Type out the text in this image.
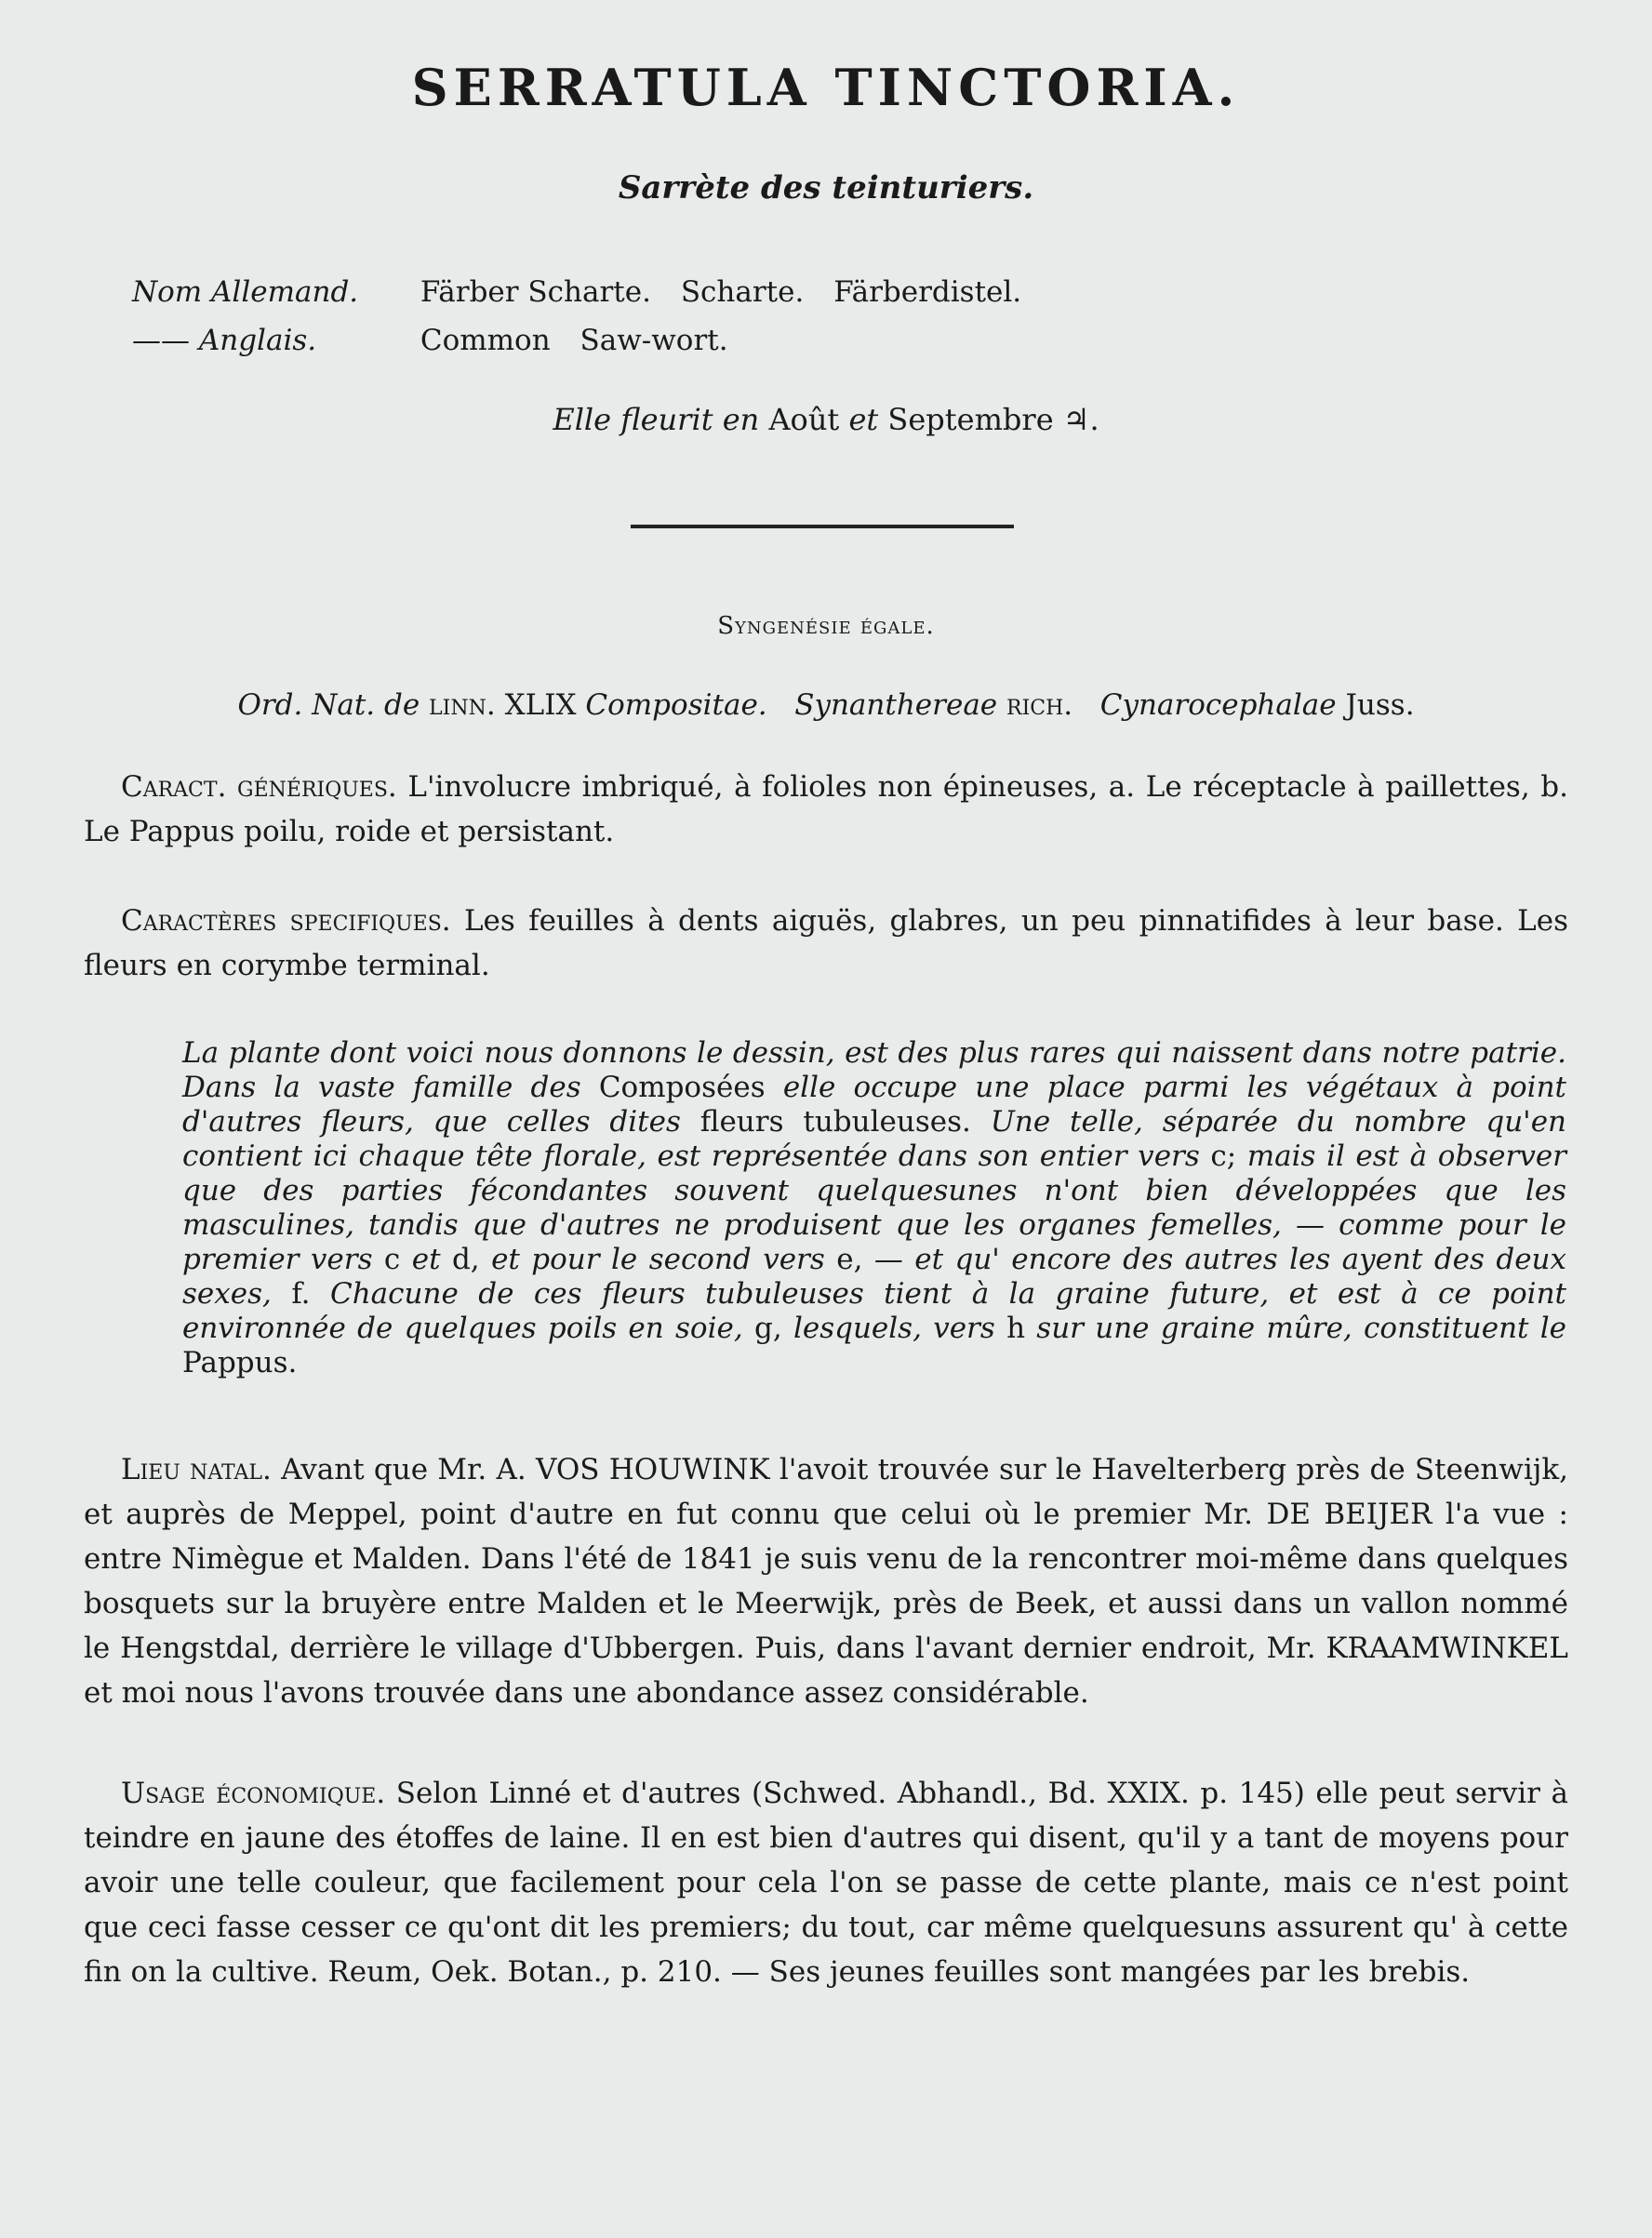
SERRATULA TINCTORIA.
Sarrète des teinturiers.
Nom Allemand. Färber Scharte. Scharte. Färberdistel.
—— Anglais.	Common Saw-wort.
Elle fleurit en Août et Septembre ♃.
Syngenésie égale.
Ord. Nat. de linn. XLIX Compositae. Synanthereae rich. Cynarocephalae Juss.
Caract. génériques. L'involucre imbriqué, à folioles non épineuses, a. Le réceptacle à paillettes, b. Le Pappus poilu, roide et persistant.
Caractères specifiques. Les feuilles à dents aiguës, glabres, un peu pinnatifides à leur base. Les fleurs en corymbe terminal.
La plante dont voici nous donnons le dessin, est des plus rares qui naissent dans notre patrie. Dans la vaste famille des Composées elle occupe une place parmi les végétaux à point d'autres fleurs, que celles dites fleurs tubuleuses. Une telle, séparée du nombre qu'en contient ici chaque tête florale, est représentée dans son entier vers c; mais il est à observer que des parties fécondantes souvent quelquesunes n'ont bien développées que les masculines, tandis que d'autres ne produisent que les organes femelles, — comme pour le premier vers c et d, et pour le second vers e, — et qu' encore des autres les ayent des deux sexes, f. Chacune de ces fleurs tubuleuses tient à la graine future, et est à ce point environnée de quelques poils en soie, g, lesquels, vers h sur une graine mûre, constituent le Pappus.
Lieu natal. Avant que Mr. A. VOS HOUWINK l'avoit trouvée sur le Havelterberg près de Steenwijk, et auprès de Meppel, point d'autre en fut connu que celui où le premier Mr. DE BEIJER l'a vue : entre Nimègue et Malden. Dans l'été de 1841 je suis venu de la rencontrer moi-même dans quelques bosquets sur la bruyère entre Malden et le Meerwijk, près de Beek, et aussi dans un vallon nommé le Hengstdal, derrière le village d'Ubbergen. Puis, dans l'avant dernier endroit, Mr. KRAAMWINKEL et moi nous l'avons trouvée dans une abondance assez considérable.
Usage économique. Selon Linné et d'autres (Schwed. Abhandl., Bd. XXIX. p. 145) elle peut servir à teindre en jaune des étoffes de laine. Il en est bien d'autres qui disent, qu'il y a tant de moyens pour avoir une telle couleur, que facilement pour cela l'on se passe de cette plante, mais ce n'est point que ceci fasse cesser ce qu'ont dit les premiers; du tout, car même quelquesuns assurent qu' à cette fin on la cultive. Reum, Oek. Botan., p. 210. — Ses jeunes feuilles sont mangées par les brebis.
